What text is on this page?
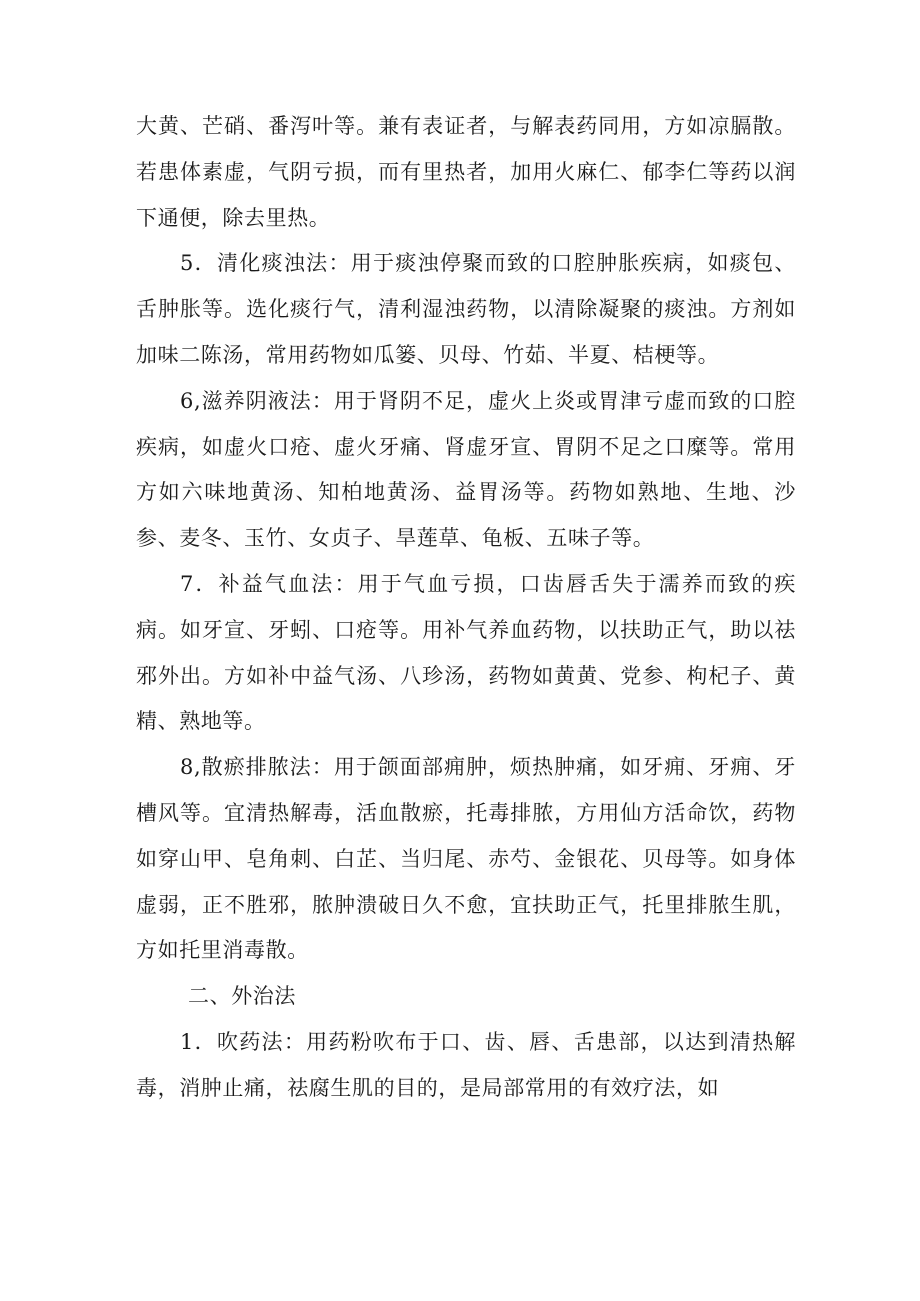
大黄、芒硝、番泻叶等。兼有表证者，与解表药同用，方如凉膈散。若患体素虚，气阴亏损，而有里热者，加用火麻仁、郁李仁等药以润下通便，除去里热。

5．清化痰浊法：用于痰浊停聚而致的口腔肿胀疾病，如痰包、舌肿胀等。选化痰行气，清利湿浊药物，以清除凝聚的痰浊。方剂如加味二陈汤，常用药物如瓜篓、贝母、竹茹、半夏、桔梗等。

6,滋养阴液法：用于肾阴不足，虚火上炎或胃津亏虚而致的口腔疾病，如虚火口疮、虚火牙痛、肾虚牙宣、胃阴不足之口糜等。常用方如六味地黄汤、知柏地黄汤、益胃汤等。药物如熟地、生地、沙参、麦冬、玉竹、女贞子、旱莲草、龟板、五味子等。

7．补益气血法：用于气血亏损，口齿唇舌失于濡养而致的疾病。如牙宣、牙蚓、口疮等。用补气养血药物，以扶助正气，助以祛邪外出。方如补中益气汤、八珍汤，药物如黄黄、党参、枸杞子、黄精、熟地等。

8,散瘀排脓法：用于颌面部痈肿，烦热肿痛，如牙痈、牙痈、牙槽风等。宜清热解毒，活血散瘀，托毒排脓，方用仙方活命饮，药物如穿山甲、皂角刺、白芷、当归尾、赤芍、金银花、贝母等。如身体虚弱，正不胜邪，脓肿溃破日久不愈，宜扶助正气，托里排脓生肌，方如托里消毒散。

二、外治法

1．吹药法：用药粉吹布于口、齿、唇、舌患部，以达到清热解毒，消肿止痛，祛腐生肌的目的，是局部常用的有效疗法，如
